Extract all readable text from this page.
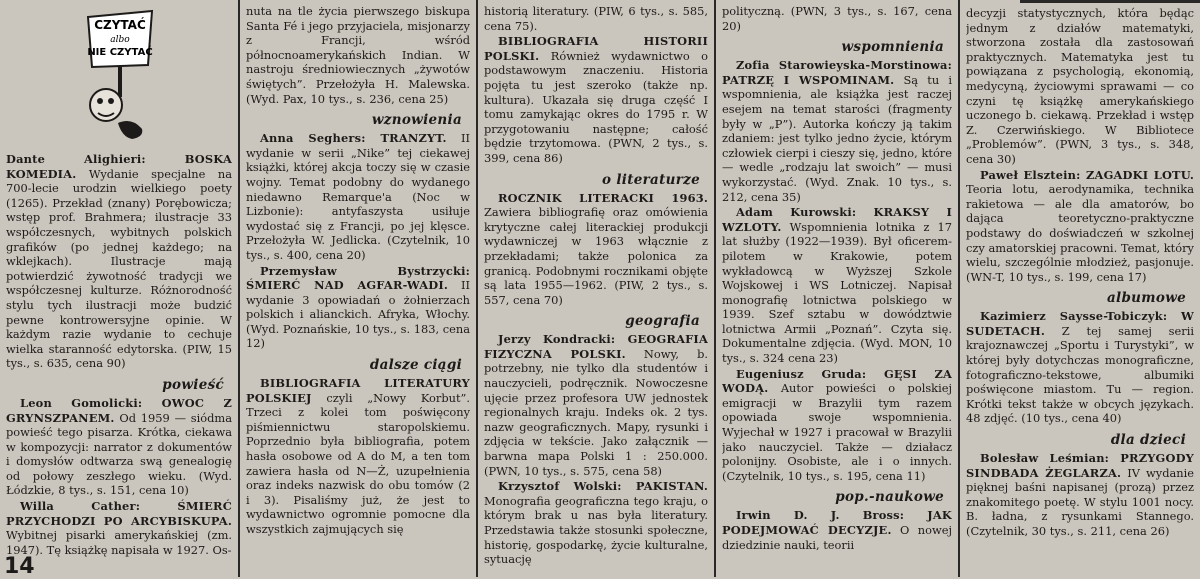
CZYTAĆ
albo
NIE CZYTAĆ

Dante Alighieri: BOSKA KOMEDIA. Wydanie specjalne na 700-lecie urodzin wielkiego poety (1265). Przekład (znany) Porębowicza; wstęp prof. Brahmera; ilustracje 33 współczesnych, wybitnych polskich grafików (po jednej każdego; na wklejkach). Ilustracje mają potwierdzić żywotność tradycji we współczesnej kulturze. Różnorodność stylu tych ilustracji może budzić pewne kontrowersyjne opinie. W każdym razie wydanie to cechuje wielka staranność edytorska. (PIW, 15 tys., s. 635, cena 90)

powieść

Leon Gomolicki: OWOC Z GRYNSZPANEM. Od 1959 — siódma powieść tego pisarza. Krótka, ciekawa w kompozycji: narrator z dokumentów i domysłów odtwarza swą genealogię od połowy zeszłego wieku. (Wyd. Łódzkie, 8 tys., s. 151, cena 10)

Willa Cather: ŚMIERĆ PRZYCHODZI PO ARCYBISKUPA. Wybitnej pisarki amerykańskiej (zm. 1947). Tę książkę napisała w 1927. Os-

nuta na tle życia pierwszego biskupa Santa Fé i jego przyjaciela, misjonarzy z Francji, wśród północnoamerykańskich Indian. W nastroju średniowiecznych „żywotów świętych”. Przełożyła H. Malewska. (Wyd. Pax, 10 tys., s. 236, cena 25)

wznowienia

Anna Seghers: TRANZYT. II wydanie w serii „Nike” tej ciekawej książki, której akcja toczy się w czasie wojny. Temat podobny do wydanego niedawno Remarque'a (Noc w Lizbonie): antyfaszysta usiłuje wydostać się z Francji, po jej klęsce. Przełożyła W. Jedlicka. (Czytelnik, 10 tys., s. 400, cena 20)

Przemysław Bystrzycki: ŚMIERĆ NAD AGFAR-WADI. II wydanie 3 opowiadań o żołnierzach polskich i alianckich. Afryka, Włochy. (Wyd. Poznańskie, 10 tys., s. 183, cena 12)

dalsze ciągi

BIBLIOGRAFIA LITERATURY POLSKIEJ czyli „Nowy Korbut”. Trzeci z kolei tom poświęcony piśmiennictwu staropolskiemu. Poprzednio była bibliografia, potem hasła osobowe od A do M, a ten tom zawiera hasła od N—Ż, uzupełnienia oraz indeks nazwisk do obu tomów (2 i 3). Pisaliśmy już, że jest to wydawnictwo ogromnie pomocne dla wszystkich zajmujących się

historią literatury. (PIW, 6 tys., s. 585, cena 75).

BIBLIOGRAFIA HISTORII POLSKI. Również wydawnictwo o podstawowym znaczeniu. Historia pojęta tu jest szeroko (także np. kultura). Ukazała się druga część I tomu zamykając okres do 1795 r. W przygotowaniu następne; całość będzie trzytomowa. (PWN, 2 tys., s. 399, cena 86)

o literaturze

ROCZNIK LITERACKI 1963. Zawiera bibliografię oraz omówienia krytyczne całej literackiej produkcji wydawniczej w 1963 włącznie z przekładami; także polonica za granicą. Podobnymi rocznikami objęte są lata 1955—1962. (PIW, 2 tys., s. 557, cena 70)

geografia

Jerzy Kondracki: GEOGRAFIA FIZYCZNA POLSKI. Nowy, b. potrzebny, nie tylko dla studentów i nauczycieli, podręcznik. Nowoczesne ujęcie przez profesora UW jednostek regionalnych kraju. Indeks ok. 2 tys. nazw geograficznych. Mapy, rysunki i zdjęcia w tekście. Jako załącznik — barwna mapa Polski 1 : 250.000. (PWN, 10 tys., s. 575, cena 58)

Krzysztof Wolski: PAKISTAN. Monografia geograficzna tego kraju, o którym brak u nas była literatury. Przedstawia także stosunki społeczne, historię, gospodarkę, życie kulturalne, sytuację

polityczną. (PWN, 3 tys., s. 167, cena 20)

wspomnienia

Zofia Starowieyska-Morstinowa: PATRZĘ I WSPOMINAM. Są tu i wspomnienia, ale książka jest raczej esejem na temat starości (fragmenty były w „P”). Autorka kończy ją takim zdaniem: jest tylko jedno życie, którym człowiek cierpi i cieszy się, jedno, które — wedle „rodzaju lat swoich” — musi wykorzystać. (Wyd. Znak. 10 tys., s. 212, cena 35)

Adam Kurowski: KRAKSY I WZLOTY. Wspomnienia lotnika z 17 lat służby (1922—1939). Był oficerem-pilotem w Krakowie, potem wykładowcą w Wyższej Szkole Wojskowej i WS Lotniczej. Napisał monografię lotnictwa polskiego w 1939. Szef sztabu w dowództwie lotnictwa Armii „Poznań”. Czyta się. Dokumentalne zdjęcia. (Wyd. MON, 10 tys., s. 324 cena 23)

Eugeniusz Gruda: GĘSI ZA WODĄ. Autor powieści o polskiej emigracji w Brazylii tym razem opowiada swoje wspomnienia. Wyjechał w 1927 i pracował w Brazylii jako nauczyciel. Także — działacz polonijny. Osobiste, ale i o innych. (Czytelnik, 10 tys., s. 195, cena 11)

pop.-naukowe

Irwin D. J. Bross: JAK PODEJMOWAĆ DECYZJE. O nowej dziedzinie nauki, teorii

decyzji statystycznych, która będąc jednym z działów matematyki, stworzona została dla zastosowań praktycznych. Matematyka jest tu powiązana z psychologią, ekonomią, medycyną, życiowymi sprawami — co czyni tę książkę amerykańskiego uczonego b. ciekawą. Przekład i wstęp Z. Czerwińskiego. W Bibliotece „Problemów”. (PWN, 3 tys., s. 348, cena 30)

Paweł Elsztein: ZAGADKI LOTU. Teoria lotu, aerodynamika, technika rakietowa — ale dla amatorów, bo dająca teoretyczno-praktyczne podstawy do doświadczeń w szkolnej czy amatorskiej pracowni. Temat, który wielu, szczególnie młodzież, pasjonuje. (WN-T, 10 tys., s. 199, cena 17)

albumowe

Kazimierz Saysse-Tobiczyk: W SUDETACH. Z tej samej serii krajoznawczej „Sportu i Turystyki”, w której były dotychczas monograficzne, fotograficzno-tekstowe, albumiki poświęcone miastom. Tu — region. Krótki tekst także w obcych językach. 48 zdjęć. (10 tys., cena 40)

dla dzieci

Bolesław Leśmian: PRZYGODY SINDBADA ŻEGLARZA. IV wydanie pięknej baśni napisanej (prozą) przez znakomitego poetę. W stylu 1001 nocy. B. ładna, z rysunkami Stannego. (Czytelnik, 30 tys., s. 211, cena 26)

14
